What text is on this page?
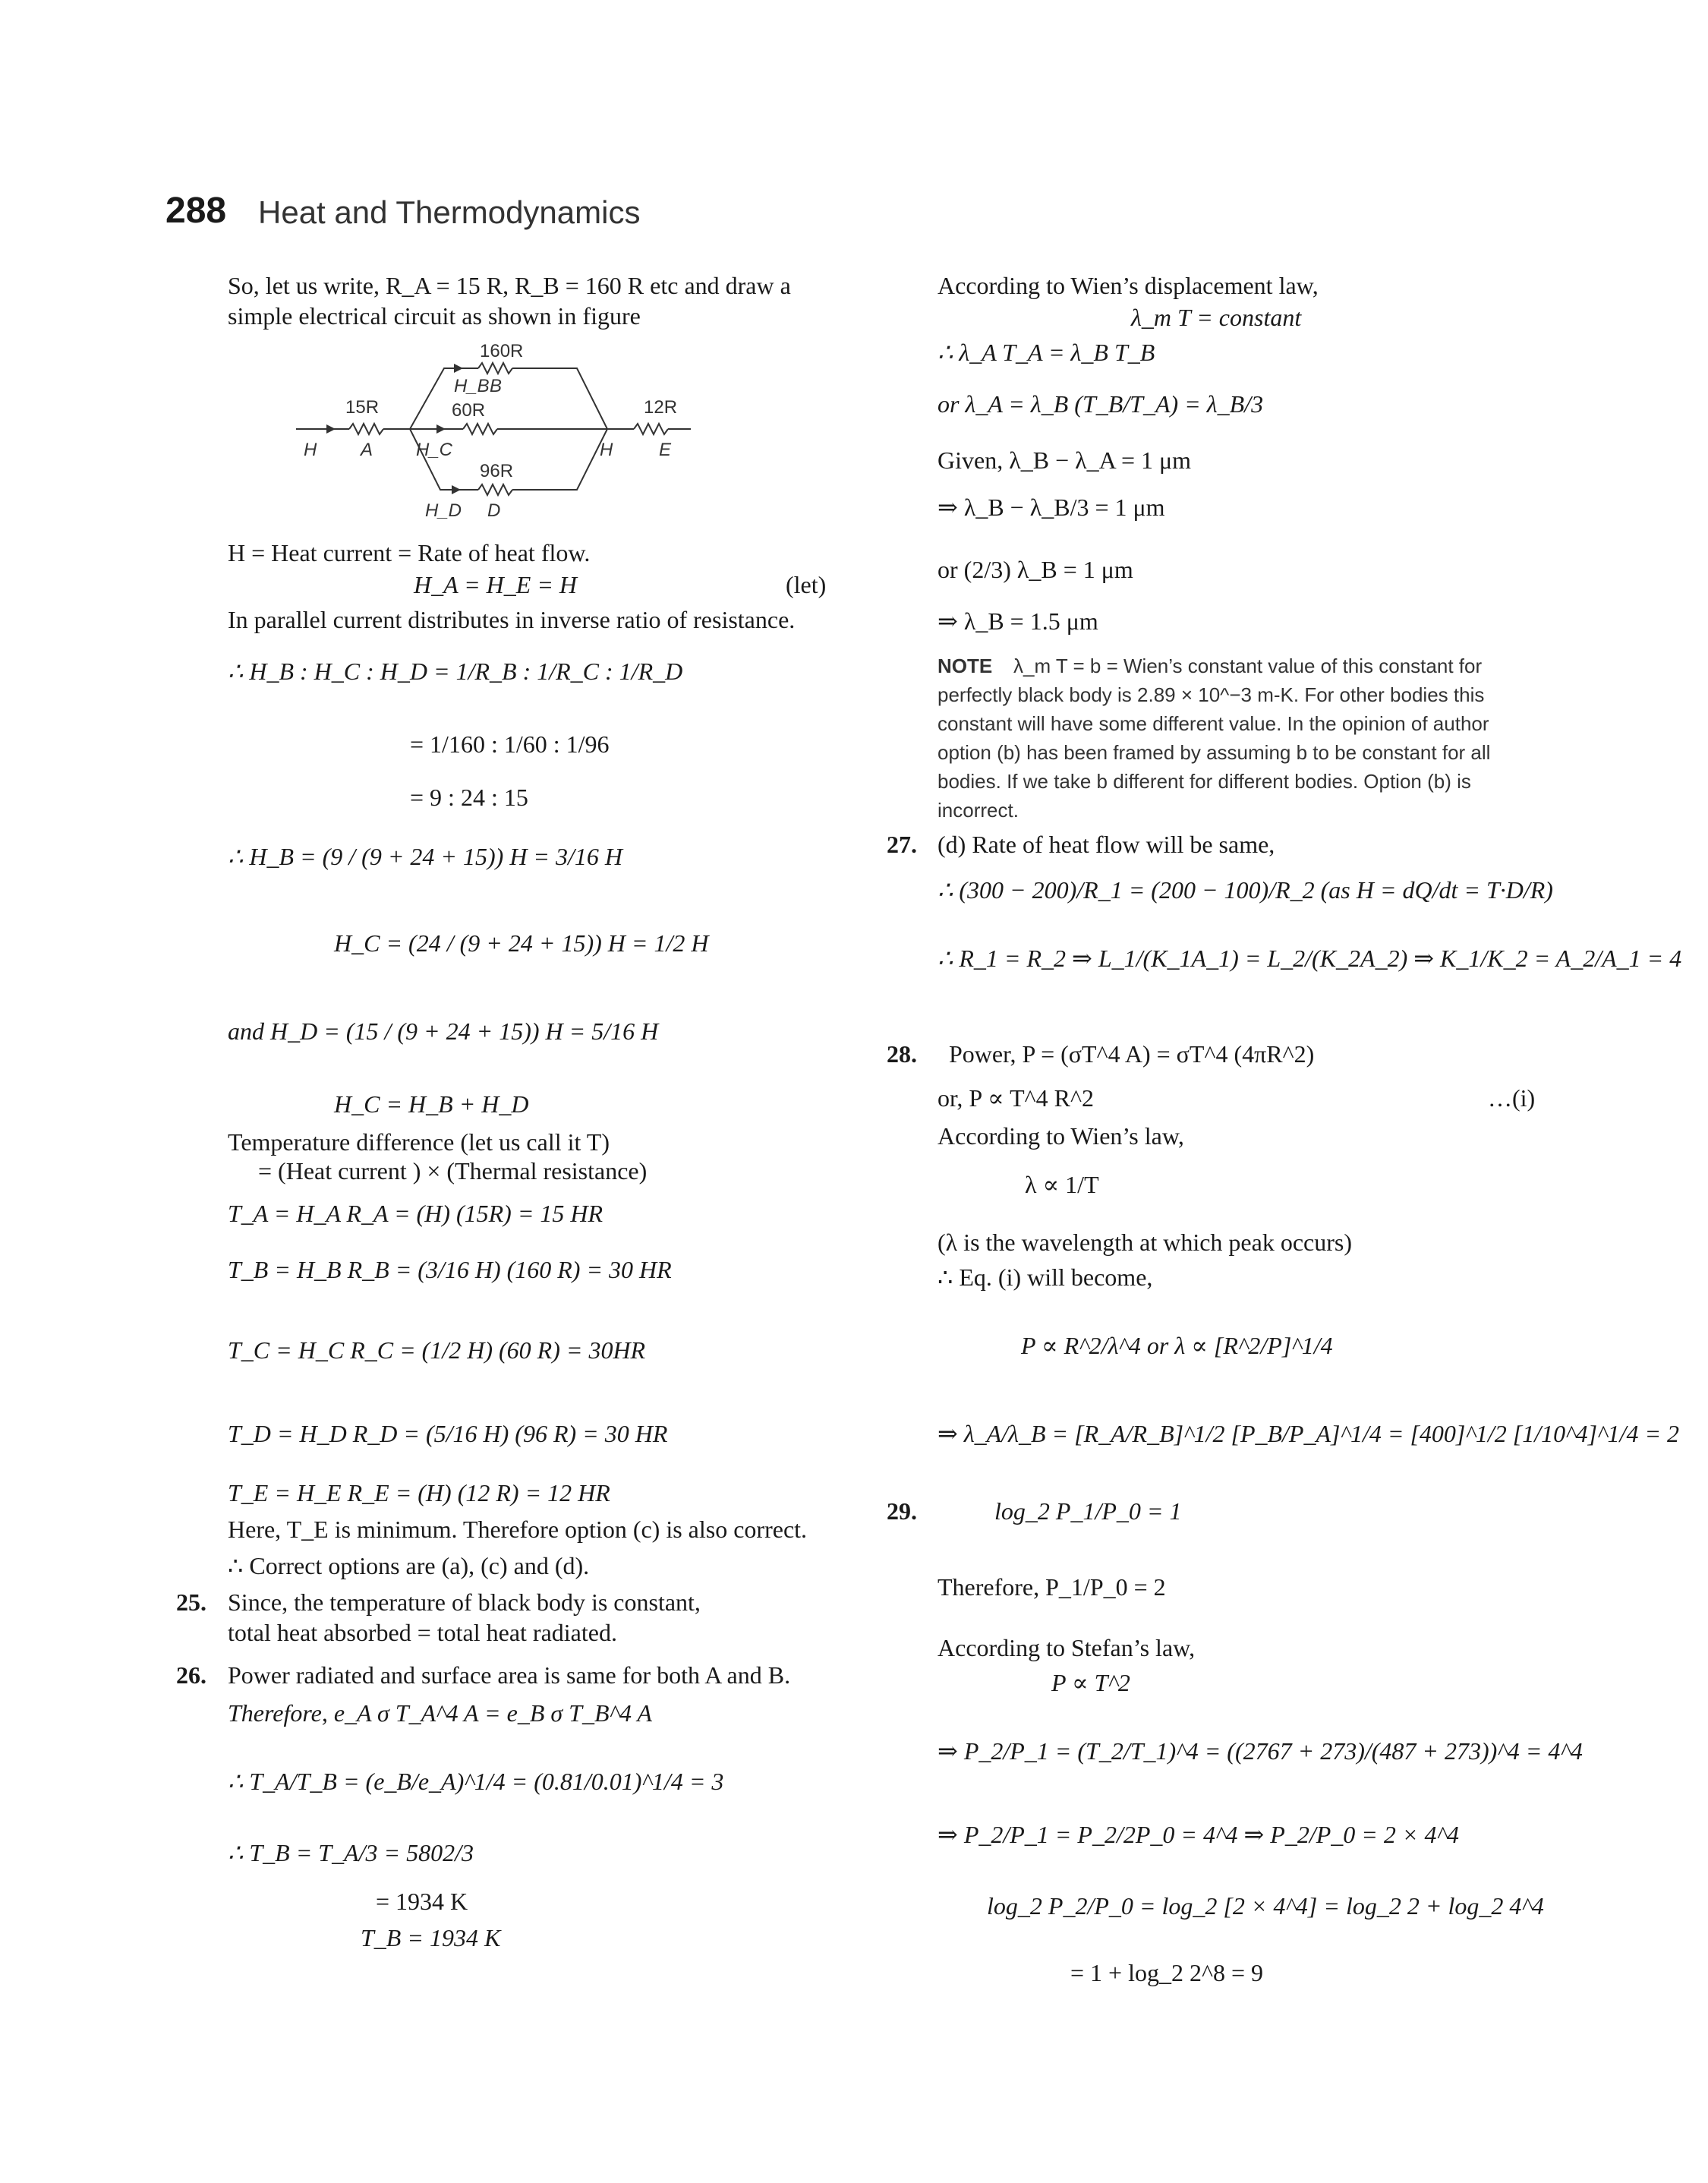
288 Heat and Thermodynamics
So, let us write, R_A = 15 R, R_B = 160 R etc and draw a
simple electrical circuit as shown in figure
160R
B
H_B
15R	60R	12R
H A H_C	H	E
96R
H_D D
H = Heat current = Rate of heat flow.
H_A = H_E = H	(let)
In parallel current distributes in inverse ratio of resistance.
∴ H_B : H_C : H_D = 1/R_B : 1/R_C : 1/R_D
= 1/160 : 1/60 : 1/96
= 9 : 24 : 15
∴ H_B = (9 / (9 + 24 + 15)) H = 3/16 H
H_C = (24 / (9 + 24 + 15)) H = 1/2 H
and H_D = (15 / (9 + 24 + 15)) H = 5/16 H
H_C = H_B + H_D
Temperature difference (let us call it T)
= (Heat current ) × (Thermal resistance)
T_A = H_A R_A = (H) (15R) = 15 HR
T_B = H_B R_B = (3/16 H) (160 R) = 30 HR
T_C = H_C R_C = (1/2 H) (60 R) = 30HR
T_D = H_D R_D = (5/16 H) (96 R) = 30 HR
T_E = H_E R_E = (H) (12 R) = 12 HR
Here, T_E is minimum. Therefore option (c) is also correct.
∴ Correct options are (a), (c) and (d).
25. Since, the temperature of black body is constant,
total heat absorbed = total heat radiated.
26. Power radiated and surface area is same for both A and B.
Therefore, e_A σ T_A^4 A = e_B σ T_B^4 A
∴ T_A/T_B = (e_B/e_A)^1/4 = (0.81/0.01)^1/4 = 3
∴ T_B = T_A/3 = 5802/3
= 1934 K
T_B = 1934 K
According to Wien’s displacement law,
λ_m T = constant
∴ λ_A T_A = λ_B T_B
or λ_A = λ_B (T_B/T_A) = λ_B/3
Given, λ_B − λ_A = 1 μm
⇒ λ_B − λ_B/3 = 1 μm
or (2/3) λ_B = 1 μm
⇒ λ_B = 1.5 μm
NOTE	λ_m T = b = Wien’s constant value of this constant for perfectly black body is 2.89 × 10^−3 m-K. For other bodies this constant will have some different value. In the opinion of author option (b) has been framed by assuming b to be constant for all bodies. If we take b different for different bodies. Option (b) is incorrect.
27. (d) Rate of heat flow will be same,
∴ (300 − 200)/R_1 = (200 − 100)/R_2 (as H = dQ/dt = T·D/R)
∴ R_1 = R_2 ⇒ L_1/(K_1A_1) = L_2/(K_2A_2) ⇒ K_1/K_2 = A_2/A_1 = 4
28. Power, P = (σT^4 A) = σT^4 (4πR^2)
or, P ∝ T^4 R^2	…(i)
According to Wien’s law,
λ ∝ 1/T
(λ is the wavelength at which peak occurs)
∴ Eq. (i) will become,
P ∝ R^2/λ^4 or λ ∝ [R^2/P]^1/4
⇒ λ_A/λ_B = [R_A/R_B]^1/2 [P_B/P_A]^1/4 = [400]^1/2 [1/10^4]^1/4 = 2
29.	log_2 P_1/P_0 = 1
Therefore, P_1/P_0 = 2
According to Stefan’s law,
P ∝ T^2
⇒ P_2/P_1 = (T_2/T_1)^4 = ((2767 + 273)/(487 + 273))^4 = 4^4
⇒ P_2/P_1 = P_2/2P_0 = 4^4 ⇒ P_2/P_0 = 2 × 4^4
log_2 P_2/P_0 = log_2 [2 × 4^4] = log_2 2 + log_2 4^4
= 1 + log_2 2^8 = 9
